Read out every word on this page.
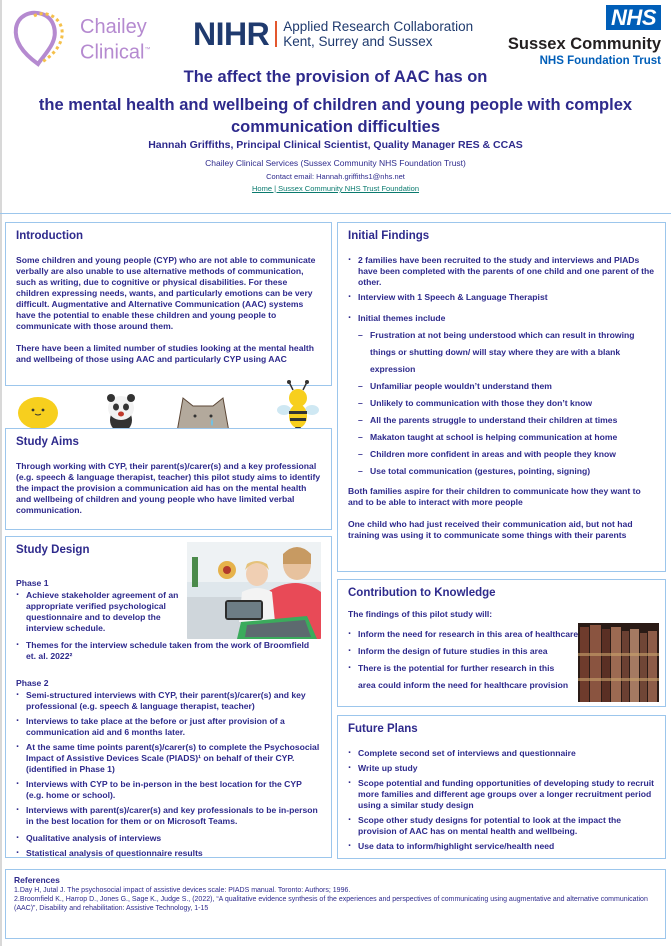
Chailey
Clinical™ NIHR Applied Research Collaboration
Kent, Surrey and Sussex
NHS
Sussex Community
NHS Foundation Trust
The affect the provision of AAC has on
the mental health and wellbeing of children and young people with complex communication difficulties
Hannah Griffiths, Principal Clinical Scientist, Quality Manager RES & CCAS
Chailey Clinical Services (Sussex Community NHS Foundation Trust)
Contact email: Hannah.griffiths1@nhs.net
Home | Sussex Community NHS Trust Foundation
Introduction

Some children and young people (CYP) who are not able to communicate verbally are also unable to use alternative methods of communication, such as writing, due to cognitive or physical disabilities. For these children expressing needs, wants, and particularly emotions can be very difficult. Augmentative and Alternative Communication (AAC) systems have the potential to enable these children and young people to communicate with those around them.

There have been a limited number of studies looking at the mental health and wellbeing of those using AAC and particularly CYP using AAC

Study Aims

Through working with CYP, their parent(s)/carer(s) and a key professional (e.g. speech & language therapist, teacher) this pilot study aims to identify the impact the provision a communication aid has on the mental health and wellbeing of children and young people who have limited verbal communication.

Study Design
Phase 1
· Achieve stakeholder agreement of an appropriate verified psychological questionnaire and to develop the interview schedule.
· Themes for the interview schedule taken from the work of Broomfield et. al. 2022²
Phase 2
· Semi-structured interviews with CYP, their parent(s)/carer(s) and key professional (e.g. speech & language therapist, teacher)
· Interviews to take place at the before or just after provision of a communication aid and 6 months later.
· At the same time points parent(s)/carer(s) to complete the Psychosocial Impact of Assistive Devices Scale (PIADS)¹ on behalf of their CYP. (identified in Phase 1)
· Interviews with CYP to be in-person in the best location for the CYP (e.g. home or school).
· Interviews with parent(s)/carer(s) and key professionals to be in-person in the best location for them or on Microsoft Teams.
· Qualitative analysis of interviews
· Statistical analysis of questionnaire results
Initial Findings
· 2 families have been recruited to the study and interviews and PIADs have been completed with the parents of one child and one parent of the other.
· Interview with 1 Speech & Language Therapist
· Initial themes include
– Frustration at not being understood which can result in throwing things or shutting down/ will stay where they are with a blank expression
– Unfamiliar people wouldn’t understand them
– Unlikely to communication with those they don’t know
– All the parents struggle to understand their children at times
– Makaton taught at school is helping communication at home
– Children more confident in areas and with people they know
– Use total communication (gestures, pointing, signing)

Both families aspire for their children to communicate how they want to and to be able to interact with more people

One child who had just received their communication aid, but not had training was using it to communicate some things with their parents

Contribution to Knowledge
The findings of this pilot study will:
· Inform the need for research in this area of healthcare
· Inform the design of future studies in this area
· There is the potential for further research in this area could inform the need for healthcare provision
Future Plans
· Complete second set of interviews and questionnaire
· Write up study
· Scope potential and funding opportunities of developing study to recruit more families and different age groups over a longer recruitment period using a similar study design
· Scope other study designs for potential to look at the impact the provision of AAC has on mental health and wellbeing.
· Use data to inform/highlight service/health need
References
1.Day H, Jutal J. The psychosocial impact of assistive devices scale: PIADS manual. Toronto: Authors; 1996.
2.Broomfield K., Harrop D., Jones G., Sage K., Judge S., (2022), “A qualitative evidence synthesis of the experiences and perspectives of communicating using augmentative and alternative communication (AAC)”, Disability and rehabilitation: Assistive Technology, 1-15
